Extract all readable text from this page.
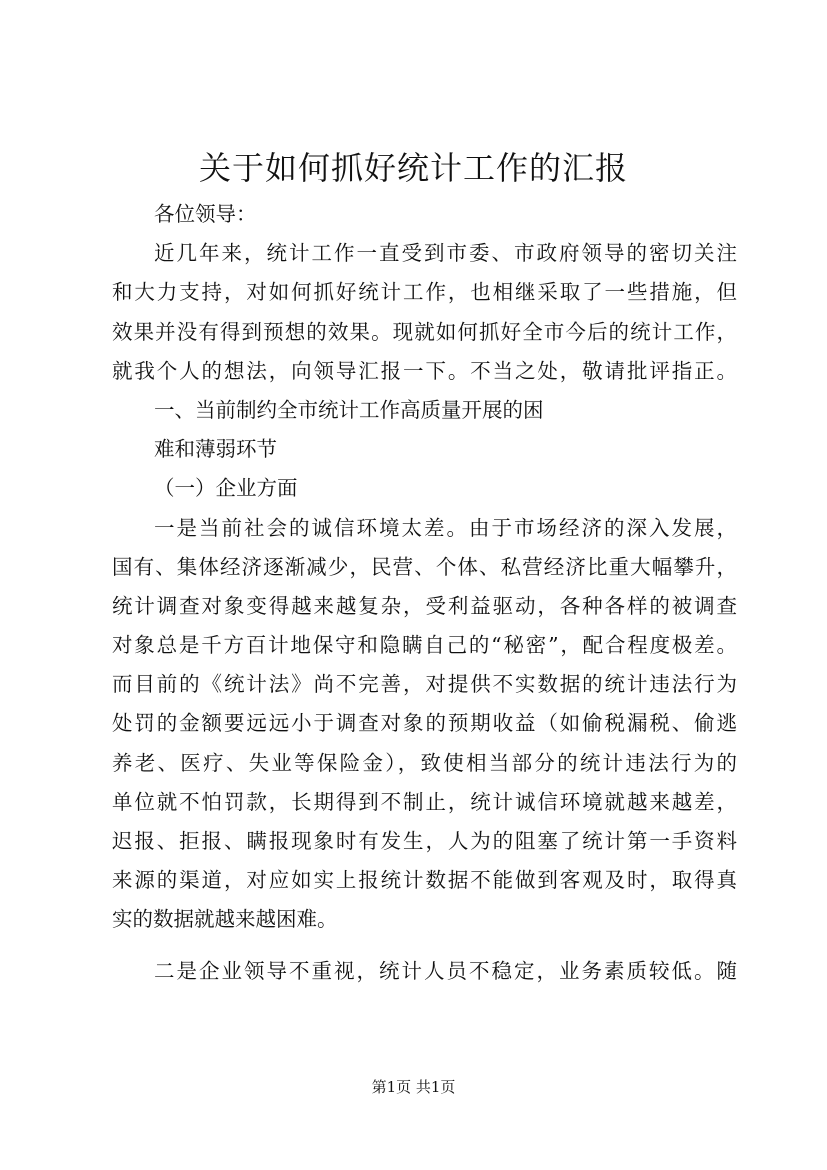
关于如何抓好统计工作的汇报
各位领导：
近几年来，统计工作一直受到市委、市政府领导的密切关注
和大力支持，对如何抓好统计工作，也相继采取了一些措施，但
效果并没有得到预想的效果。现就如何抓好全市今后的统计工作，
就我个人的想法，向领导汇报一下。不当之处，敬请批评指正。
一、当前制约全市统计工作高质量开展的困
难和薄弱环节
（一）企业方面
一是当前社会的诚信环境太差。由于市场经济的深入发展，
国有、集体经济逐渐减少，民营、个体、私营经济比重大幅攀升，
统计调查对象变得越来越复杂，受利益驱动，各种各样的被调查
对象总是千方百计地保守和隐瞒自己的“秘密”，配合程度极差。
而目前的《统计法》尚不完善，对提供不实数据的统计违法行为
处罚的金额要远远小于调查对象的预期收益（如偷税漏税、偷逃
养老、医疗、失业等保险金），致使相当部分的统计违法行为的
单位就不怕罚款，长期得到不制止，统计诚信环境就越来越差，
迟报、拒报、瞒报现象时有发生，人为的阻塞了统计第一手资料
来源的渠道，对应如实上报统计数据不能做到客观及时，取得真
实的数据就越来越困难。
二是企业领导不重视，统计人员不稳定，业务素质较低。随
第1页 共1页
